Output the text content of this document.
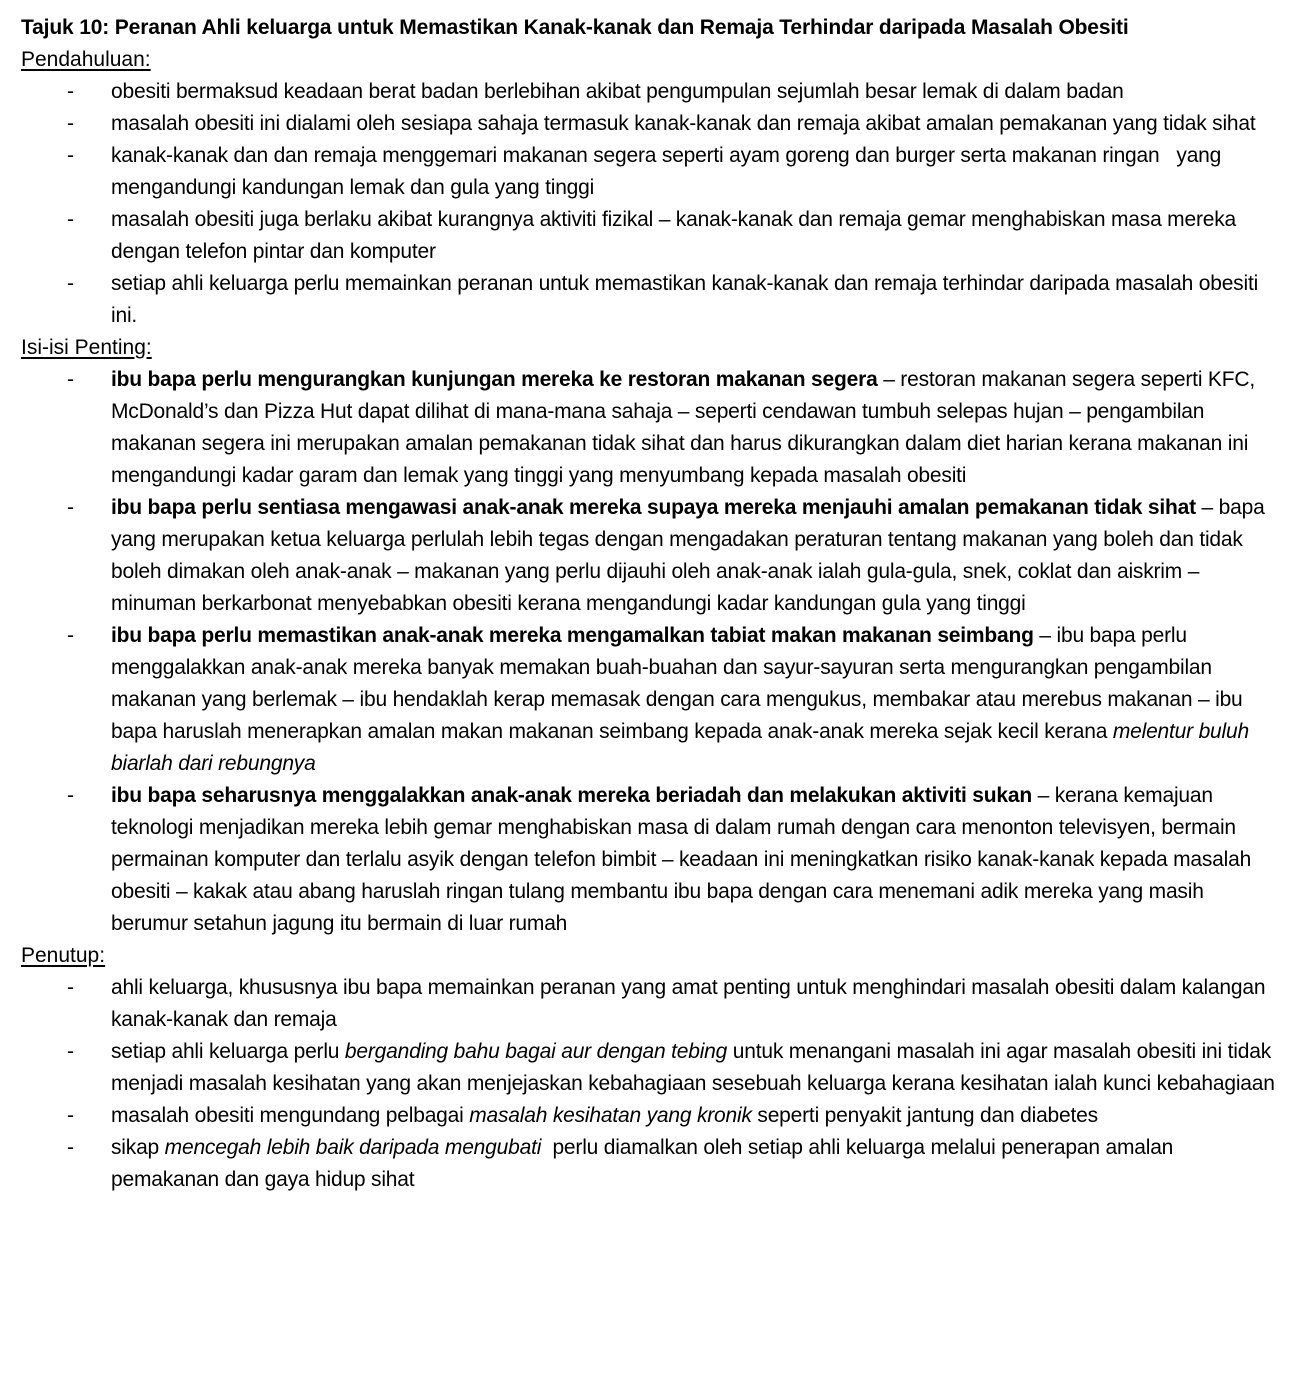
Tajuk 10: Peranan Ahli keluarga untuk Memastikan Kanak-kanak dan Remaja Terhindar daripada Masalah Obesiti
Pendahuluan:
- obesiti bermaksud keadaan berat badan berlebihan akibat pengumpulan sejumlah besar lemak di dalam badan
- masalah obesiti ini dialami oleh sesiapa sahaja termasuk kanak-kanak dan remaja akibat amalan pemakanan yang tidak sihat
- kanak-kanak dan dan remaja menggemari makanan segera seperti ayam goreng dan burger serta makanan ringan   yang mengandungi kandungan lemak dan gula yang tinggi
- masalah obesiti juga berlaku akibat kurangnya aktiviti fizikal – kanak-kanak dan remaja gemar menghabiskan masa mereka dengan telefon pintar dan komputer
- setiap ahli keluarga perlu memainkan peranan untuk memastikan kanak-kanak dan remaja terhindar daripada masalah obesiti ini.
Isi-isi Penting:
- ibu bapa perlu mengurangkan kunjungan mereka ke restoran makanan segera – restoran makanan segera seperti KFC, McDonald’s dan Pizza Hut dapat dilihat di mana-mana sahaja – seperti cendawan tumbuh selepas hujan – pengambilan makanan segera ini merupakan amalan pemakanan tidak sihat dan harus dikurangkan dalam diet harian kerana makanan ini mengandungi kadar garam dan lemak yang tinggi yang menyumbang kepada masalah obesiti
- ibu bapa perlu sentiasa mengawasi anak-anak mereka supaya mereka menjauhi amalan pemakanan tidak sihat – bapa yang merupakan ketua keluarga perlulah lebih tegas dengan mengadakan peraturan tentang makanan yang boleh dan tidak boleh dimakan oleh anak-anak – makanan yang perlu dijauhi oleh anak-anak ialah gula-gula, snek, coklat dan aiskrim – minuman berkarbonat menyebabkan obesiti kerana mengandungi kadar kandungan gula yang tinggi
- ibu bapa perlu memastikan anak-anak mereka mengamalkan tabiat makan makanan seimbang – ibu bapa perlu menggalakkan anak-anak mereka banyak memakan buah-buahan dan sayur-sayuran serta mengurangkan pengambilan makanan yang berlemak – ibu hendaklah kerap memasak dengan cara mengukus, membakar atau merebus makanan – ibu bapa haruslah menerapkan amalan makan makanan seimbang kepada anak-anak mereka sejak kecil kerana melentur buluh biarlah dari rebungnya
- ibu bapa seharusnya menggalakkan anak-anak mereka beriadah dan melakukan aktiviti sukan – kerana kemajuan teknologi menjadikan mereka lebih gemar menghabiskan masa di dalam rumah dengan cara menonton televisyen, bermain permainan komputer dan terlalu asyik dengan telefon bimbit – keadaan ini meningkatkan risiko kanak-kanak kepada masalah obesiti – kakak atau abang haruslah ringan tulang membantu ibu bapa dengan cara menemani adik mereka yang masih berumur setahun jagung itu bermain di luar rumah
Penutup:
- ahli keluarga, khususnya ibu bapa memainkan peranan yang amat penting untuk menghindari masalah obesiti dalam kalangan kanak-kanak dan remaja
- setiap ahli keluarga perlu berganding bahu bagai aur dengan tebing untuk menangani masalah ini agar masalah obesiti ini tidak menjadi masalah kesihatan yang akan menjejaskan kebahagiaan sesebuah keluarga kerana kesihatan ialah kunci kebahagiaan
- masalah obesiti mengundang pelbagai masalah kesihatan yang kronik seperti penyakit jantung dan diabetes
- sikap mencegah lebih baik daripada mengubati  perlu diamalkan oleh setiap ahli keluarga melalui penerapan amalan pemakanan dan gaya hidup sihat
